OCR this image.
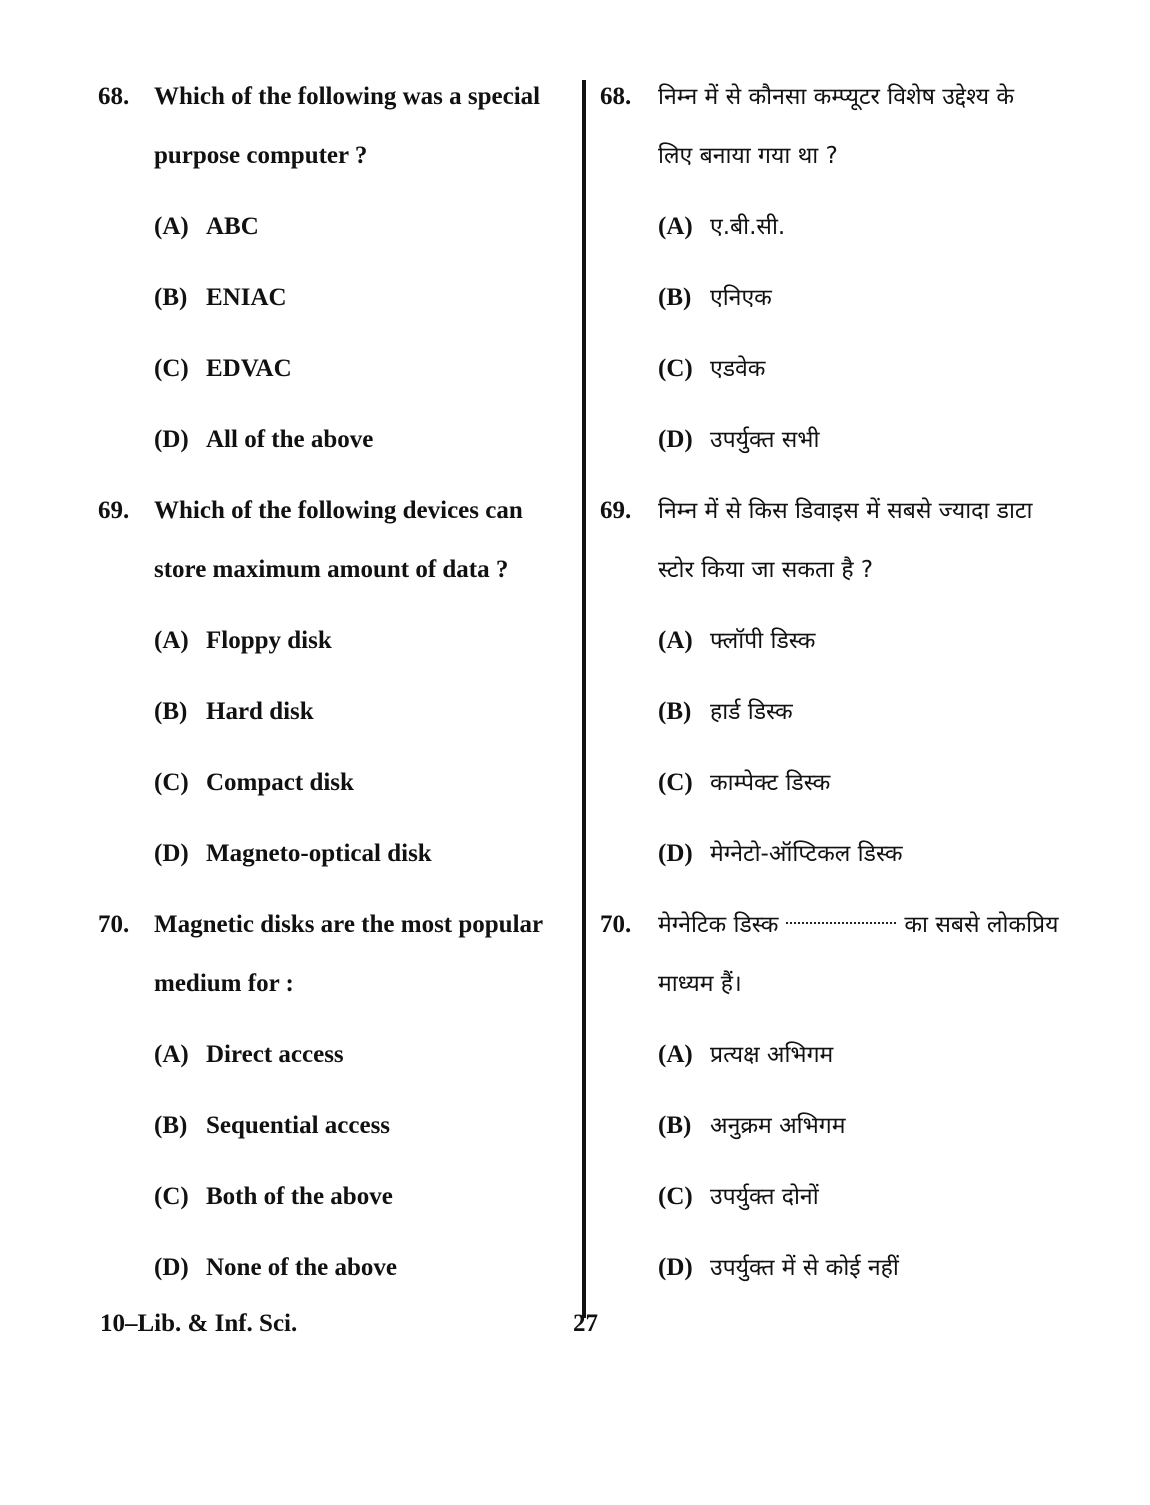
68. Which of the following was a special
purpose computer ?
(A) ABC
(B) ENIAC
(C) EDVAC
(D) All of the above
69. Which of the following devices can
store maximum amount of data ?
(A) Floppy disk
(B) Hard disk
(C) Compact disk
(D) Magneto-optical disk
70. Magnetic disks are the most popular
medium for :
(A) Direct access
(B) Sequential access
(C) Both of the above
(D) None of the above
68. निम्न में से कौनसा कम्प्यूटर विशेष उद्देश्य के
लिए बनाया गया था ?
(A) ए.बी.सी.
(B) एनिएक
(C) एडवेक
(D) उपर्युक्त सभी
69. निम्न में से किस डिवाइस में सबसे ज्यादा डाटा
स्टोर किया जा सकता है ?
(A) फ्लॉपी डिस्क
(B) हार्ड डिस्क
(C) काम्पेक्ट डिस्क
(D) मेग्नेटो-ऑप्टिकल डिस्क
70. मेग्नेटिक डिस्क	का सबसे लोकप्रिय
माध्यम हैं।
(A) प्रत्यक्ष अभिगम
(B) अनुक्रम अभिगम
(C) उपर्युक्त दोनों
(D) उपर्युक्त में से कोई नहीं
10–Lib. & Inf. Sci.	27
